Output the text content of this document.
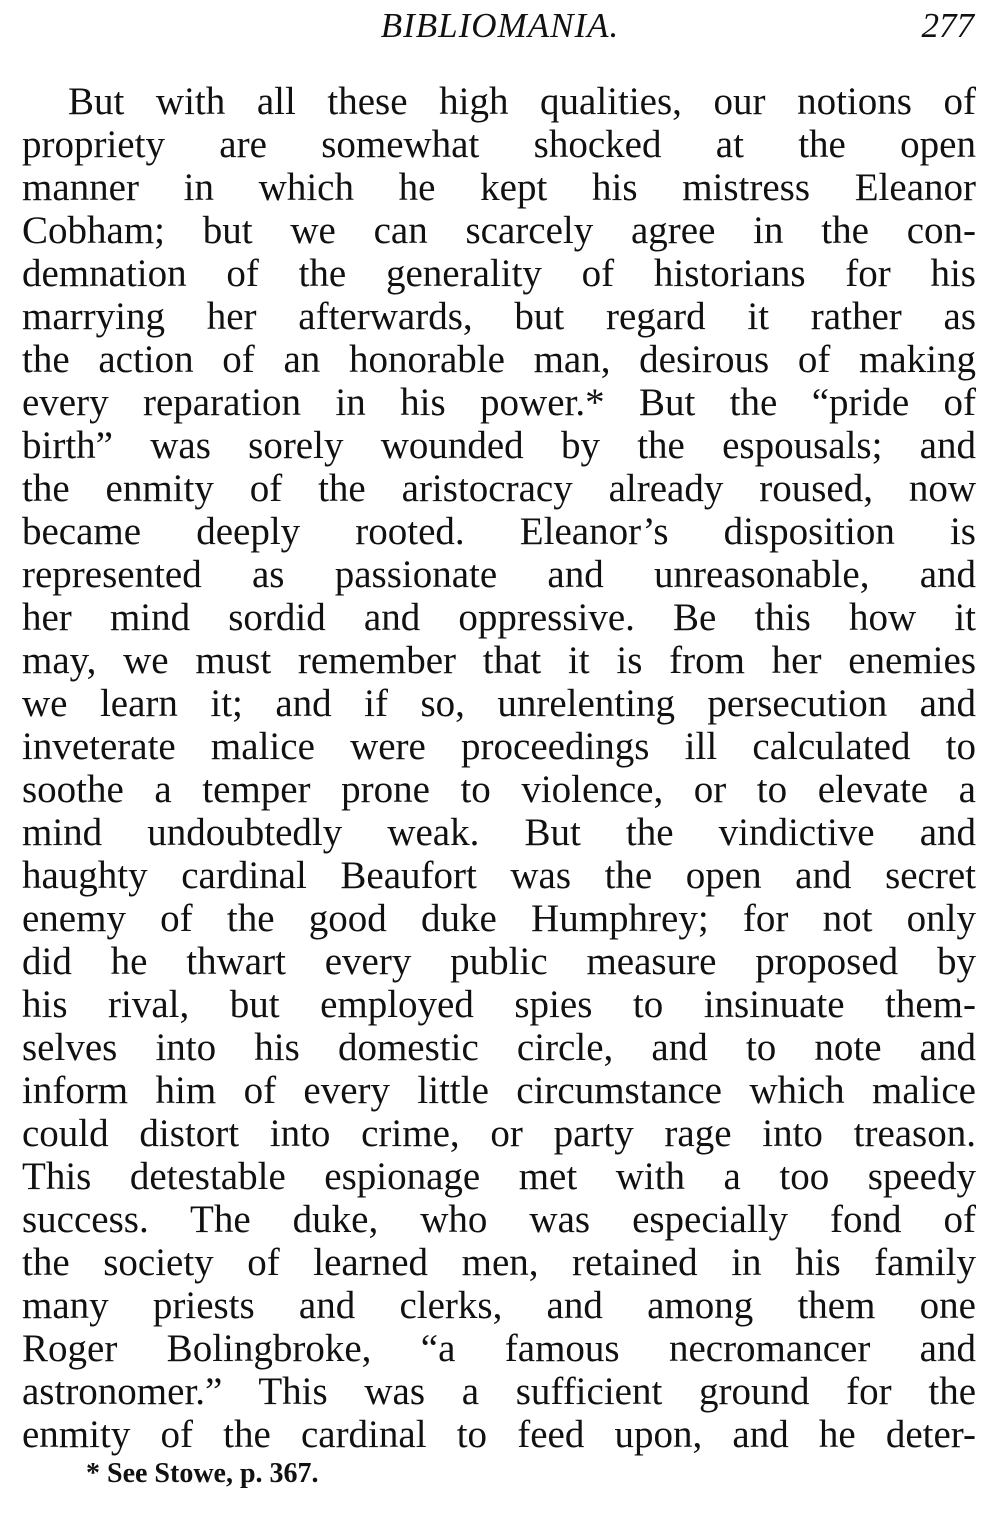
BIBLIOMANIA.	277
But with all these high qualities, our notions of
propriety are somewhat shocked at the open
manner in which he kept his mistress Eleanor
Cobham; but we can scarcely agree in the con-
demnation of the generality of historians for his
marrying her afterwards, but regard it rather as
the action of an honorable man, desirous of making
every reparation in his power.* But the “pride of
birth” was sorely wounded by the espousals; and
the enmity of the aristocracy already roused, now
became deeply rooted. Eleanor’s disposition is
represented as passionate and unreasonable, and
her mind sordid and oppressive. Be this how it
may, we must remember that it is from her enemies
we learn it; and if so, unrelenting persecution and
inveterate malice were proceedings ill calculated to
soothe a temper prone to violence, or to elevate a
mind undoubtedly weak. But the vindictive and
haughty cardinal Beaufort was the open and secret
enemy of the good duke Humphrey; for not only
did he thwart every public measure proposed by
his rival, but employed spies to insinuate them-
selves into his domestic circle, and to note and
inform him of every little circumstance which malice
could distort into crime, or party rage into treason.
This detestable espionage met with a too speedy
success. The duke, who was especially fond of
the society of learned men, retained in his family
many priests and clerks, and among them one
Roger Bolingbroke, “a famous necromancer and
astronomer.” This was a sufficient ground for the
enmity of the cardinal to feed upon, and he deter-
* See Stowe, p. 367.
